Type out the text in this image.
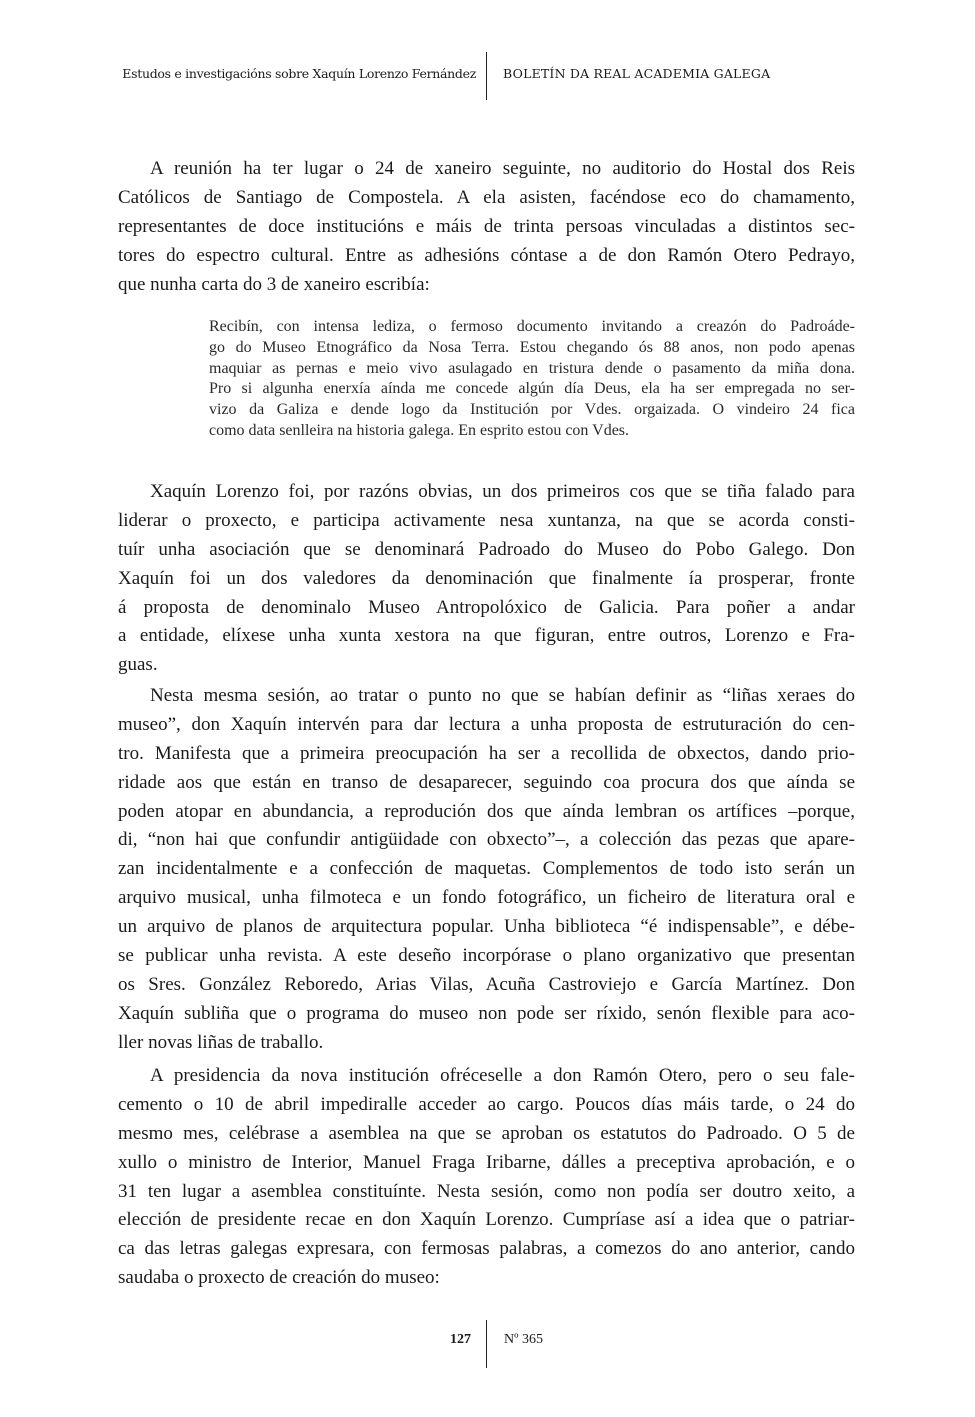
Estudos e investigacións sobre Xaquín Lorenzo Fernández BOLETÍN DA REAL ACADEMIA GALEGA
A reunión ha ter lugar o 24 de xaneiro seguinte, no auditorio do Hostal dos Reis
Católicos de Santiago de Compostela. A ela asisten, facéndose eco do chamamento,
representantes de doce institucións e máis de trinta persoas vinculadas a distintos sec-
tores do espectro cultural. Entre as adhesións cóntase a de don Ramón Otero Pedrayo,
que nunha carta do 3 de xaneiro escribía:
Recibín, con intensa lediza, o fermoso documento invitando a creazón do Padroáde-
go do Museo Etnográfico da Nosa Terra. Estou chegando ós 88 anos, non podo apenas
maquiar as pernas e meio vivo asulagado en tristura dende o pasamento da miña dona.
Pro si algunha enerxía aínda me concede algún día Deus, ela ha ser empregada no ser-
vizo da Galiza e dende logo da Institución por Vdes. orgaizada. O vindeiro 24 fica
como data senlleira na historia galega. En esprito estou con Vdes.
Xaquín Lorenzo foi, por razóns obvias, un dos primeiros cos que se tiña falado para
liderar o proxecto, e participa activamente nesa xuntanza, na que se acorda consti-
tuír unha asociación que se denominará Padroado do Museo do Pobo Galego. Don
Xaquín foi un dos valedores da denominación que finalmente ía prosperar, fronte
á proposta de denominalo Museo Antropolóxico de Galicia. Para poñer a andar
a entidade, elíxese unha xunta xestora na que figuran, entre outros, Lorenzo e Fra-
guas.
Nesta mesma sesión, ao tratar o punto no que se habían definir as “liñas xeraes do
museo”, don Xaquín intervén para dar lectura a unha proposta de estruturación do cen-
tro. Manifesta que a primeira preocupación ha ser a recollida de obxectos, dando prio-
ridade aos que están en transo de desaparecer, seguindo coa procura dos que aínda se
poden atopar en abundancia, a reprodución dos que aínda lembran os artífices –porque,
di, “non hai que confundir antigüidade con obxecto”–, a colección das pezas que apare-
zan incidentalmente e a confección de maquetas. Complementos de todo isto serán un
arquivo musical, unha filmoteca e un fondo fotográfico, un ficheiro de literatura oral e
un arquivo de planos de arquitectura popular. Unha biblioteca “é indispensable”, e débe-
se publicar unha revista. A este deseño incorpórase o plano organizativo que presentan
os Sres. González Reboredo, Arias Vilas, Acuña Castroviejo e García Martínez. Don
Xaquín subliña que o programa do museo non pode ser ríxido, senón flexible para aco-
ller novas liñas de traballo.
A presidencia da nova institución ofréceselle a don Ramón Otero, pero o seu fale-
cemento o 10 de abril impediralle acceder ao cargo. Poucos días máis tarde, o 24 do
mesmo mes, celébrase a asemblea na que se aproban os estatutos do Padroado. O 5 de
xullo o ministro de Interior, Manuel Fraga Iribarne, dálles a preceptiva aprobación, e o
31 ten lugar a asemblea constituínte. Nesta sesión, como non podía ser doutro xeito, a
elección de presidente recae en don Xaquín Lorenzo. Cumpríase así a idea que o patriar-
ca das letras galegas expresara, con fermosas palabras, a comezos do ano anterior, cando
saudaba o proxecto de creación do museo:
127 Nº 365
